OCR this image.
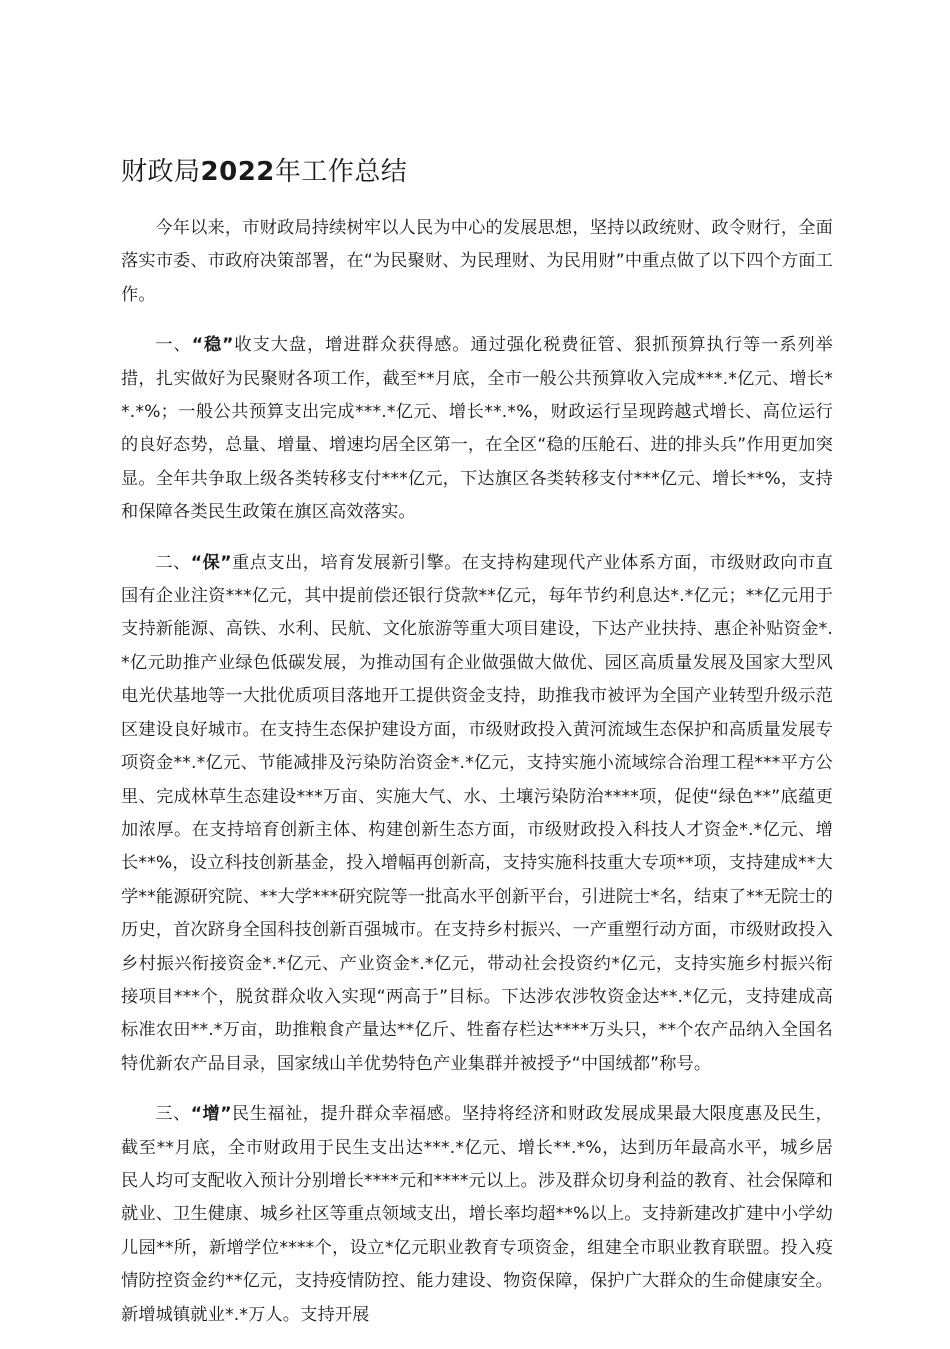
财政局2022年工作总结

今年以来，市财政局持续树牢以人民为中心的发展思想，坚持以政统财、政令财行，全面落实市委、市政府决策部署，在“为民聚财、为民理财、为民用财”中重点做了以下四个方面工作。

一、“稳”收支大盘，增进群众获得感。通过强化税费征管、狠抓预算执行等一系列举措，扎实做好为民聚财各项工作，截至**月底，全市一般公共预算收入完成***.*亿元、增长**.*%；一般公共预算支出完成***.*亿元、增长**.*%，财政运行呈现跨越式增长、高位运行的良好态势，总量、增量、增速均居全区第一，在全区“稳的压舱石、进的排头兵”作用更加突显。全年共争取上级各类转移支付***亿元，下达旗区各类转移支付***亿元、增长**%，支持和保障各类民生政策在旗区高效落实。

二、“保”重点支出，培育发展新引擎。在支持构建现代产业体系方面，市级财政向市直国有企业注资***亿元，其中提前偿还银行贷款**亿元，每年节约利息达*.*亿元；**亿元用于支持新能源、高铁、水利、民航、文化旅游等重大项目建设，下达产业扶持、惠企补贴资金*.*亿元助推产业绿色低碳发展，为推动国有企业做强做大做优、园区高质量发展及国家大型风电光伏基地等一大批优质项目落地开工提供资金支持，助推我市被评为全国产业转型升级示范区建设良好城市。在支持生态保护建设方面，市级财政投入黄河流域生态保护和高质量发展专项资金**.*亿元、节能减排及污染防治资金*.*亿元，支持实施小流域综合治理工程***平方公里、完成林草生态建设***万亩、实施大气、水、土壤污染防治****项，促使“绿色**”底蕴更加浓厚。在支持培育创新主体、构建创新生态方面，市级财政投入科技人才资金*.*亿元、增长**%，设立科技创新基金，投入增幅再创新高，支持实施科技重大专项**项，支持建成**大学**能源研究院、**大学***研究院等一批高水平创新平台，引进院士*名，结束了**无院士的历史，首次跻身全国科技创新百强城市。在支持乡村振兴、一产重塑行动方面，市级财政投入乡村振兴衔接资金*.*亿元、产业资金*.*亿元，带动社会投资约*亿元，支持实施乡村振兴衔接项目***个，脱贫群众收入实现“两高于”目标。下达涉农涉牧资金达**.*亿元，支持建成高标准农田**.*万亩，助推粮食产量达**亿斤、牲畜存栏达****万头只，**个农产品纳入全国名特优新农产品目录，国家绒山羊优势特色产业集群并被授予“中国绒都”称号。

三、“增”民生福祉，提升群众幸福感。坚持将经济和财政发展成果最大限度惠及民生，截至**月底，全市财政用于民生支出达***.*亿元、增长**.*%，达到历年最高水平，城乡居民人均可支配收入预计分别增长****元和****元以上。涉及群众切身利益的教育、社会保障和就业、卫生健康、城乡社区等重点领域支出，增长率均超**%以上。支持新建改扩建中小学幼儿园**所，新增学位****个，设立*亿元职业教育专项资金，组建全市职业教育联盟。投入疫情防控资金约**亿元，支持疫情防控、能力建设、物资保障，保护广大群众的生命健康安全。新增城镇就业*.*万人。支持开展
